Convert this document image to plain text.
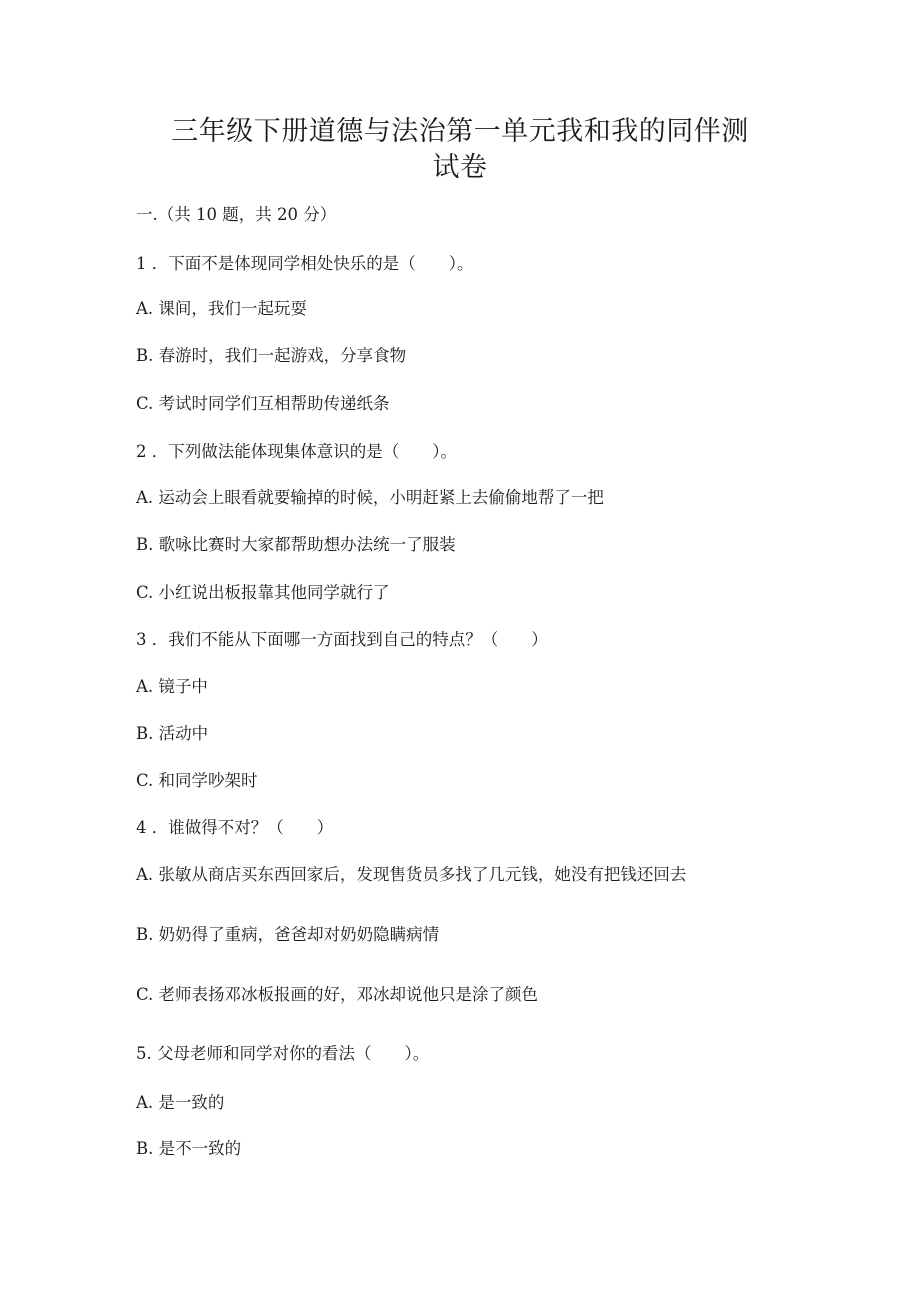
三年级下册道德与法治第一单元我和我的同伴测
试卷
一.（共 10 题，共 20 分）
1 ．下面不是体现同学相处快乐的是（　　）。
A. 课间，我们一起玩耍
B. 春游时，我们一起游戏，分享食物
C. 考试时同学们互相帮助传递纸条
2 ．下列做法能体现集体意识的是（　　）。
A. 运动会上眼看就要输掉的时候，小明赶紧上去偷偷地帮了一把
B. 歌咏比赛时大家都帮助想办法统一了服装
C. 小红说出板报靠其他同学就行了
3 ．我们不能从下面哪一方面找到自己的特点？（　　）
A. 镜子中
B. 活动中
C. 和同学吵架时
4 ．谁做得不对？（　　）
A. 张敏从商店买东西回家后，发现售货员多找了几元钱，她没有把钱还回去
B. 奶奶得了重病，爸爸却对奶奶隐瞒病情
C. 老师表扬邓冰板报画的好，邓冰却说他只是涂了颜色
5. 父母老师和同学对你的看法（　　）。
A. 是一致的
B. 是不一致的
